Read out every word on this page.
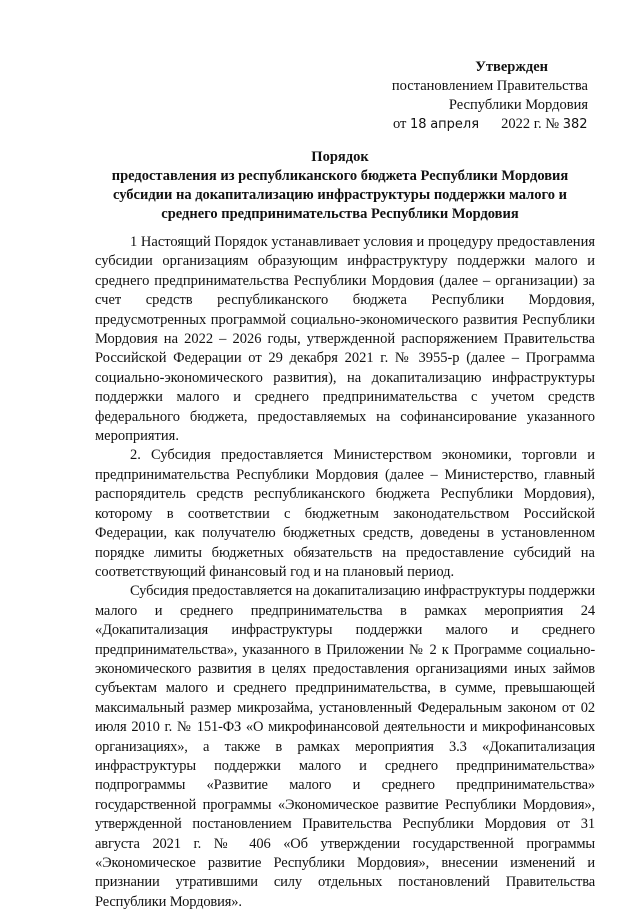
Утвержден
постановлением Правительства
Республики Мордовия
от 18 апреля 2022 г. № 382
Порядок
предоставления из республиканского бюджета Республики Мордовия
субсидии на докапитализацию инфраструктуры поддержки малого и
среднего предпринимательства Республики Мордовия

1 Настоящий Порядок устанавливает условия и процедуру предоставления субсидии организациям образующим инфраструктуру поддержки малого и среднего предпринимательства Республики Мордовия (далее – организации) за счет средств республиканского бюджета Республики Мордовия, предусмотренных программой социально-экономического развития Республики Мордовия на 2022 – 2026 годы, утвержденной распоряжением Правительства Российской Федерации от 29 декабря 2021 г. № 3955-р (далее – Программа социально-экономического развития), на докапитализацию инфраструктуры поддержки малого и среднего предпринимательства с учетом средств федерального бюджета, предоставляемых на софинансирование указанного мероприятия.

2. Субсидия предоставляется Министерством экономики, торговли и предпринимательства Республики Мордовия (далее – Министерство, главный распорядитель средств республиканского бюджета Республики Мордовия), которому в соответствии с бюджетным законодательством Российской Федерации, как получателю бюджетных средств, доведены в установленном порядке лимиты бюджетных обязательств на предоставление субсидий на соответствующий финансовый год и на плановый период.

Субсидия предоставляется на докапитализацию инфраструктуры поддержки малого и среднего предпринимательства в рамках мероприятия 24 «Докапитализация инфраструктуры поддержки малого и среднего предпринимательства», указанного в Приложении № 2 к Программе социально-экономического развития в целях предоставления организациями иных займов субъектам малого и среднего предпринимательства, в сумме, превышающей максимальный размер микрозайма, установленный Федеральным законом от 02 июля 2010 г. № 151-ФЗ «О микрофинансовой деятельности и микрофинансовых организациях», а также в рамках мероприятия 3.3 «Докапитализация инфраструктуры поддержки малого и среднего предпринимательства» подпрограммы «Развитие малого и среднего предпринимательства» государственной программы «Экономическое развитие Республики Мордовия», утвержденной постановлением Правительства Республики Мордовия от 31 августа 2021 г. № 406 «Об утверждении государственной программы «Экономическое развитие Республики Мордовия», внесении изменений и признании утратившими силу отдельных постановлений Правительства Республики Мордовия».
